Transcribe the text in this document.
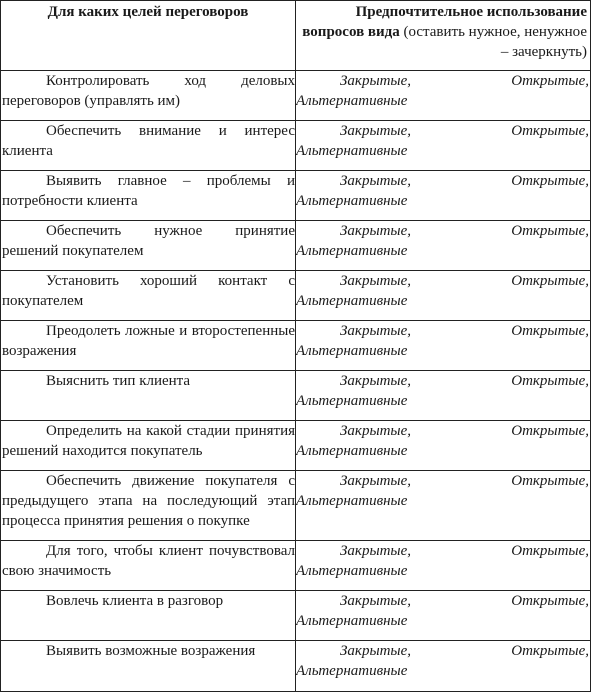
Для каких целей переговоров	Предпочтительное использование вопросов вида (оставить нужное, ненужное – зачеркнуть)
Контролировать ход деловых переговоров (управлять им)	Закрытые, Открытые,
Альтернативные

Обеспечить внимание и интерес клиента	Закрытые, Открытые,
Альтернативные

Выявить главное – проблемы и потребности клиента	Закрытые, Открытые,
Альтернативные

Обеспечить нужное принятие решений покупателем	Закрытые, Открытые,
Альтернативные

Установить хороший контакт с покупателем	Закрытые, Открытые,
Альтернативные

Преодолеть ложные и второстепенные возражения	Закрытые, Открытые,
Альтернативные

Выяснить тип клиента	Закрытые, Открытые,
Альтернативные

Определить на какой стадии принятия решений находится покупатель	Закрытые, Открытые,
Альтернативные

Обеспечить движение покупателя с предыдущего этапа на последующий этап процесса принятия решения о покупке	Закрытые, Открытые,
Альтернативные

Для того, чтобы клиент почувствовал свою значимость	Закрытые, Открытые,
Альтернативные

Вовлечь клиента в разговор	Закрытые, Открытые,
Альтернативные

Выявить возможные возражения	Закрытые, Открытые,
Альтернативные
